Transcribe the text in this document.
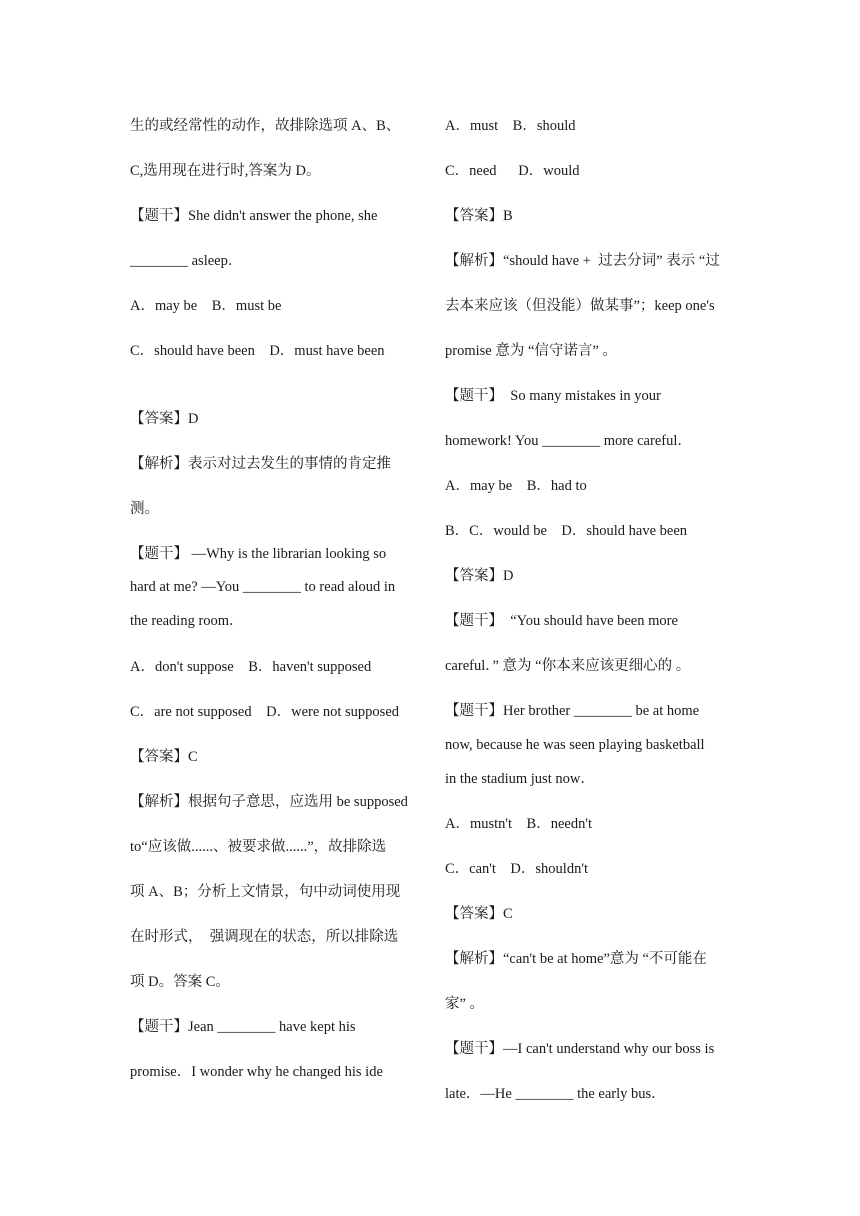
生的或经常性的动作，故排除选项 A、B、
C,选用现在进行时,答案为 D。
【题干】She didn't answer the phone, she
________ asleep．
A．may be    B．must be
C．should have been    D．must have been
【答案】D
【解析】表示对过去发生的事情的肯定推
测。
【题干】 —Why is the librarian looking so
hard at me? —You ________ to read aloud in
the reading room．
A．don't suppose    B．haven't supposed
C．are not supposed    D．were not supposed
【答案】C
【解析】根据句子意思，应选用 be supposed
to“应该做......、被要求做......”，故排除选
项 A、B；分析上文情景，句中动词使用现
在时形式，  强调现在的状态，所以排除选
项 D。答案 C。
【题干】Jean ________ have kept his
promise．I wonder why he changed his ide
A．must    B．should
C．need      D．would
【答案】B
【解析】“should have +  过去分词” 表示 “过
去本来应该（但没能）做某事”；keep one's
promise 意为 “信守诺言” 。
【题干】  So many mistakes in your
homework! You ________ more careful．
A．may be    B．had to
B．C．would be    D．should have been
【答案】D
【题干】  “You should have been more
careful．” 意为 “你本来应该更细心的 。
【题干】Her brother ________ be at home
now, because he was seen playing basketball
in the stadium just now．
A．mustn't    B．needn't
C．can't    D．shouldn't
【答案】C
【解析】“can't be at home”意为 “不可能在
家” 。
【题干】—I can't understand why our boss is
late．—He ________ the early bus．
